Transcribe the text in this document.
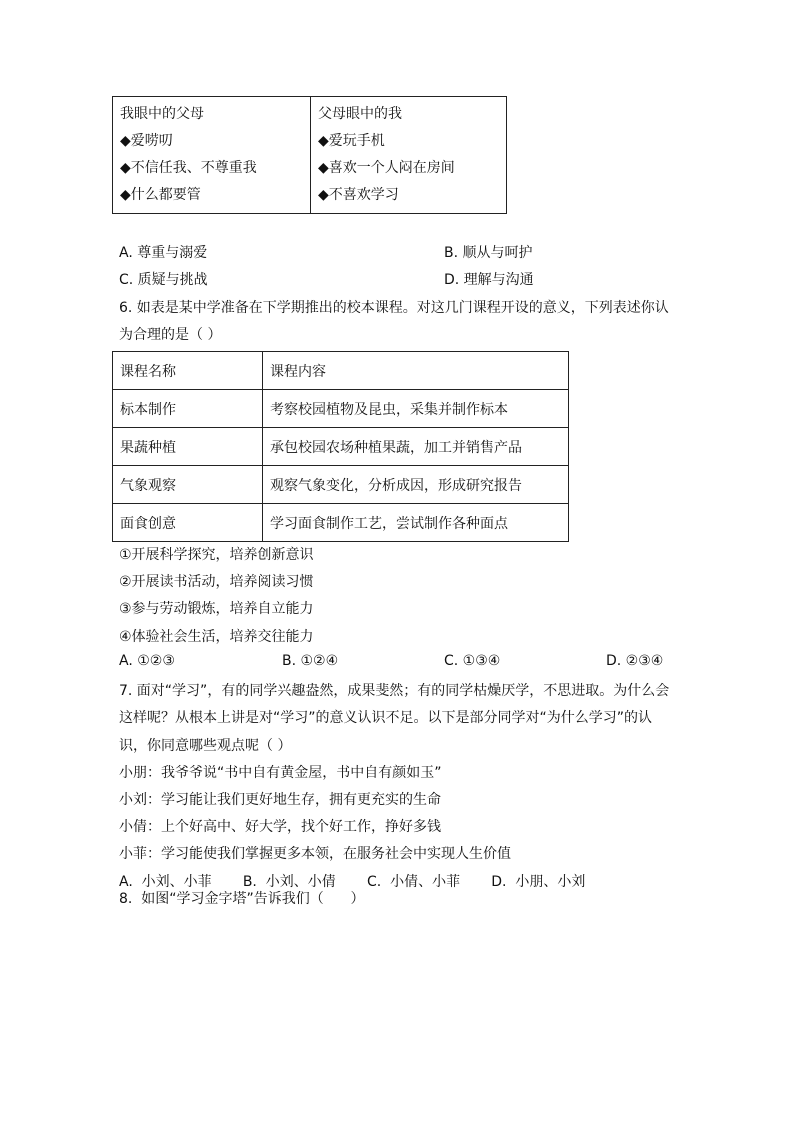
我眼中的父母
◆爱唠叨
◆不信任我、不尊重我
◆什么都要管

父母眼中的我
◆爱玩手机
◆喜欢一个人闷在房间
◆不喜欢学习
A. 尊重与溺爱	B. 顺从与呵护
C. 质疑与挑战	D. 理解与沟通
6. 如表是某中学准备在下学期推出的校本课程。对这几门课程开设的意义，下列表述你认
为合理的是（ ）
课程名称	课程内容
标本制作	考察校园植物及昆虫，采集并制作标本
果蔬种植	承包校园农场种植果蔬，加工并销售产品
气象观察	观察气象变化，分析成因，形成研究报告
面食创意	学习面食制作工艺，尝试制作各种面点
①开展科学探究，培养创新意识
②开展读书活动，培养阅读习惯
③参与劳动锻炼，培养自立能力
④体验社会生活，培养交往能力
A. ①②③	B. ①②④	C. ①③④	D. ②③④
7. 面对“学习”，有的同学兴趣盎然，成果斐然；有的同学枯燥厌学，不思进取。为什么会
这样呢？从根本上讲是对“学习”的意义认识不足。以下是部分同学对“为什么学习”的认
识，你同意哪些观点呢（ ）
小朋：我爷爷说“书中自有黄金屋，书中自有颜如玉”
小刘：学习能让我们更好地生存，拥有更充实的生命
小倩：上个好高中、好大学，找个好工作，挣好多钱
小菲：学习能使我们掌握更多本领，在服务社会中实现人生价值
A.  小刘、小菲       B.  小刘、小倩       C.  小倩、小菲       D.  小朋、小刘
8.  如图“学习金字塔”告诉我们（      ）
